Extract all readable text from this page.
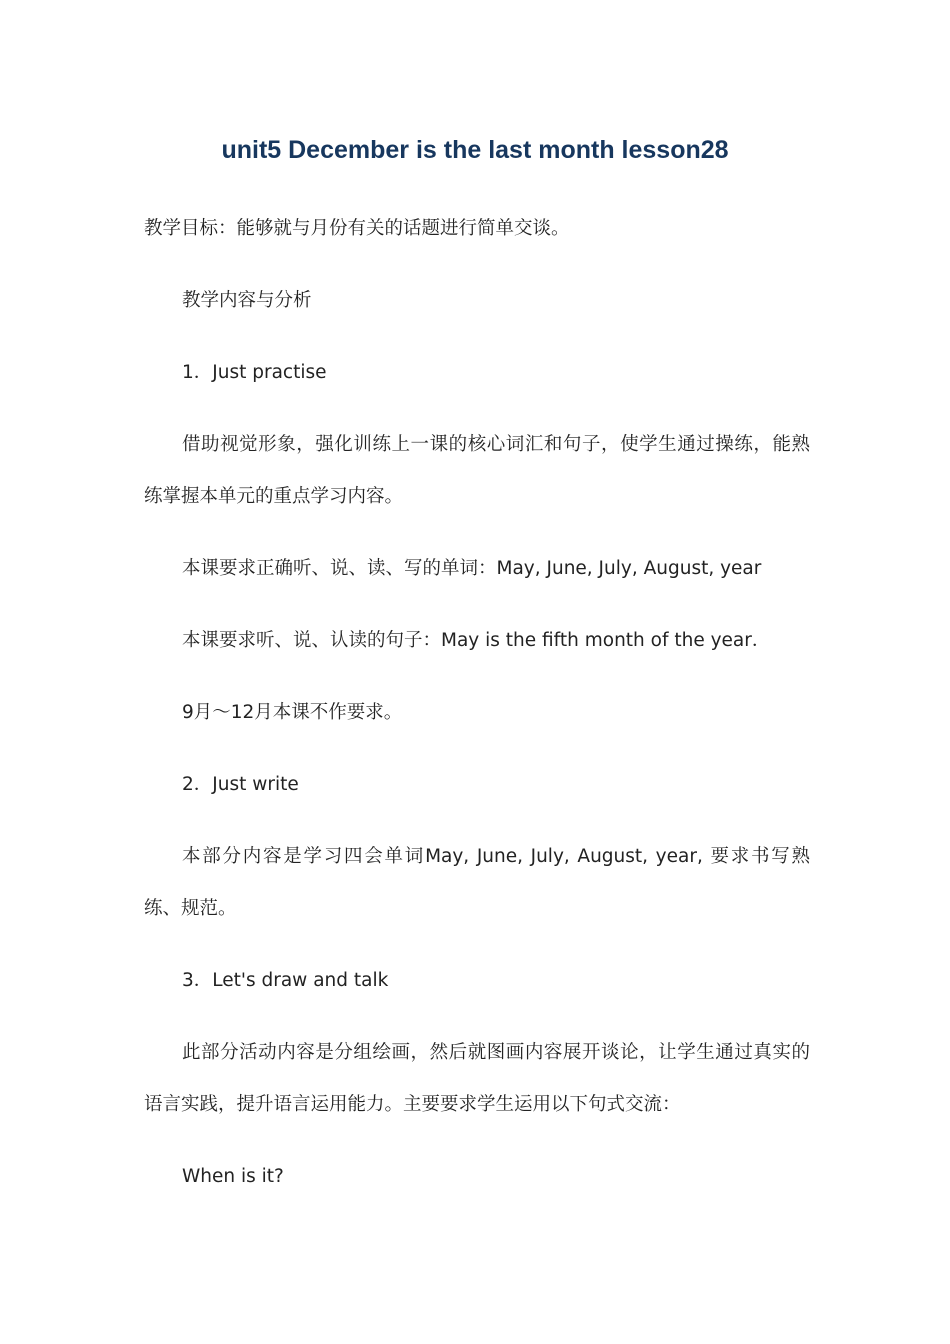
unit5 December is the last month lesson28

教学目标：能够就与月份有关的话题进行简单交谈。

教学内容与分析

1．Just practise

借助视觉形象，强化训练上一课的核心词汇和句子，使学生通过操练，能熟练掌握本单元的重点学习内容。

本课要求正确听、说、读、写的单词：May, June, July, August, year

本课要求听、说、认读的句子：May is the fifth month of the year．

9月～12月本课不作要求。

2．Just write

本部分内容是学习四会单词May, June, July, August, year, 要求书写熟练、规范。

3．Let's draw and talk

此部分活动内容是分组绘画，然后就图画内容展开谈论，让学生通过真实的语言实践，提升语言运用能力。主要要求学生运用以下句式交流：

When is it?
